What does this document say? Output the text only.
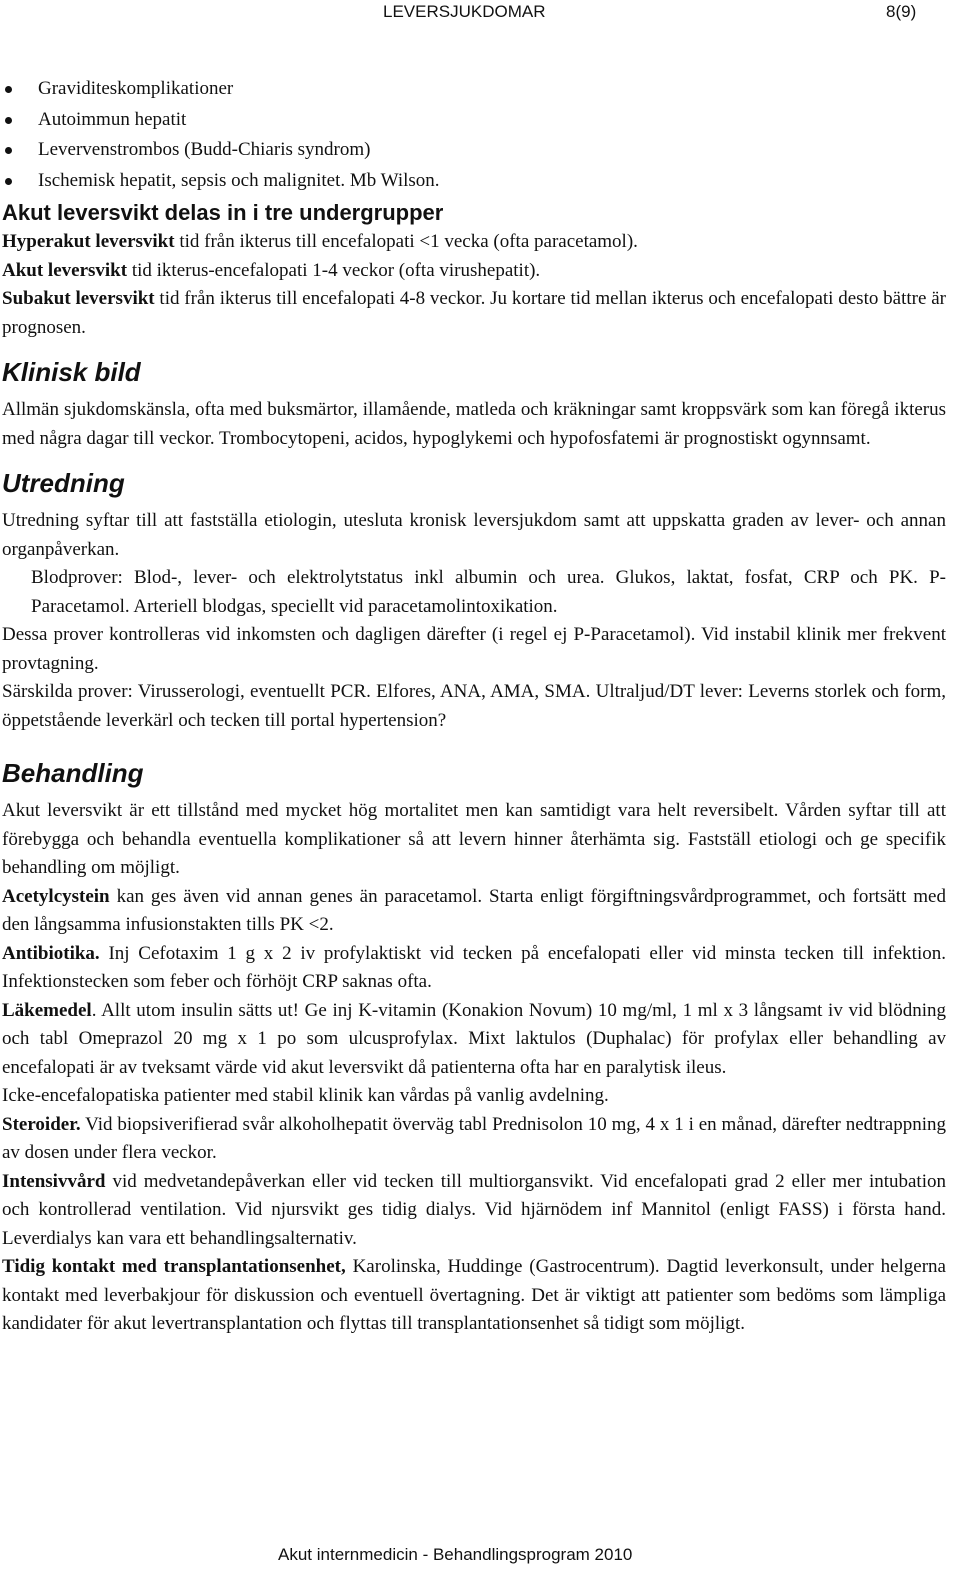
LEVERSJUKDOMAR	8(9)
Graviditeskomplikationer
Autoimmun hepatit
Levervenstrombos (Budd-Chiaris syndrom)
Ischemisk hepatit, sepsis och malignitet. Mb Wilson.
Akut leversvikt delas in i tre undergrupper

Hyperakut leversvikt tid från ikterus till encefalopati <1 vecka (ofta paracetamol).

Akut leversvikt tid ikterus-encefalopati 1-4 veckor (ofta virushepatit).

Subakut leversvikt tid från ikterus till encefalopati 4-8 veckor. Ju kortare tid mellan ikterus och encefalopati desto bättre är prognosen.

Klinisk bild

Allmän sjukdomskänsla, ofta med buksmärtor, illamående, matleda och kräkningar samt kroppsvärk som kan föregå ikterus med några dagar till veckor. Trombocytopeni, acidos, hypoglykemi och hypofosfatemi är prognostiskt ogynnsamt.

Utredning

Utredning syftar till att fastställa etiologin, utesluta kronisk leversjukdom samt att uppskatta graden av lever- och annan organpåverkan.

Blodprover: Blod-, lever- och elektrolytstatus inkl albumin och urea. Glukos, laktat, fosfat, CRP och PK. P-Paracetamol. Arteriell blodgas, speciellt vid paracetamolintoxikation.

Dessa prover kontrolleras vid inkomsten och dagligen därefter (i regel ej P-Paracetamol). Vid instabil klinik mer frekvent provtagning.

Särskilda prover: Virusserologi, eventuellt PCR. Elfores, ANA, AMA, SMA. Ultraljud/DT lever: Leverns storlek och form, öppetstående leverkärl och tecken till portal hypertension?

Behandling

Akut leversvikt är ett tillstånd med mycket hög mortalitet men kan samtidigt vara helt reversibelt. Vården syftar till att förebygga och behandla eventuella komplikationer så att levern hinner återhämta sig. Fastställ etiologi och ge specifik behandling om möjligt.

Acetylcystein kan ges även vid annan genes än paracetamol. Starta enligt förgiftningsvårdprogrammet, och fortsätt med den långsamma infusionstakten tills PK <2.

Antibiotika. Inj Cefotaxim 1 g x 2 iv profylaktiskt vid tecken på encefalopati eller vid minsta tecken till infektion. Infektionstecken som feber och förhöjt CRP saknas ofta.

Läkemedel. Allt utom insulin sätts ut! Ge inj K-vitamin (Konakion Novum) 10 mg/ml, 1 ml x 3 långsamt iv vid blödning och tabl Omeprazol 20 mg x 1 po som ulcusprofylax. Mixt laktulos (Duphalac) för profylax eller behandling av encefalopati är av tveksamt värde vid akut leversvikt då patienterna ofta har en paralytisk ileus.

Icke-encefalopatiska patienter med stabil klinik kan vårdas på vanlig avdelning.

Steroider. Vid biopsiverifierad svår alkoholhepatit överväg tabl Prednisolon 10 mg, 4 x 1 i en månad, därefter nedtrappning av dosen under flera veckor.

Intensivvård vid medvetandepåverkan eller vid tecken till multiorgansvikt. Vid encefalopati grad 2 eller mer intubation och kontrollerad ventilation. Vid njursvikt ges tidig dialys. Vid hjärnödem inf Mannitol (enligt FASS) i första hand. Leverdialys kan vara ett behandlingsalternativ.

Tidig kontakt med transplantationsenhet, Karolinska, Huddinge (Gastrocentrum). Dagtid leverkonsult, under helgerna kontakt med leverbakjour för diskussion och eventuell övertagning. Det är viktigt att patienter som bedöms som lämpliga kandidater för akut levertransplantation och flyttas till transplantationsenhet så tidigt som möjligt.

Akut internmedicin - Behandlingsprogram 2010
